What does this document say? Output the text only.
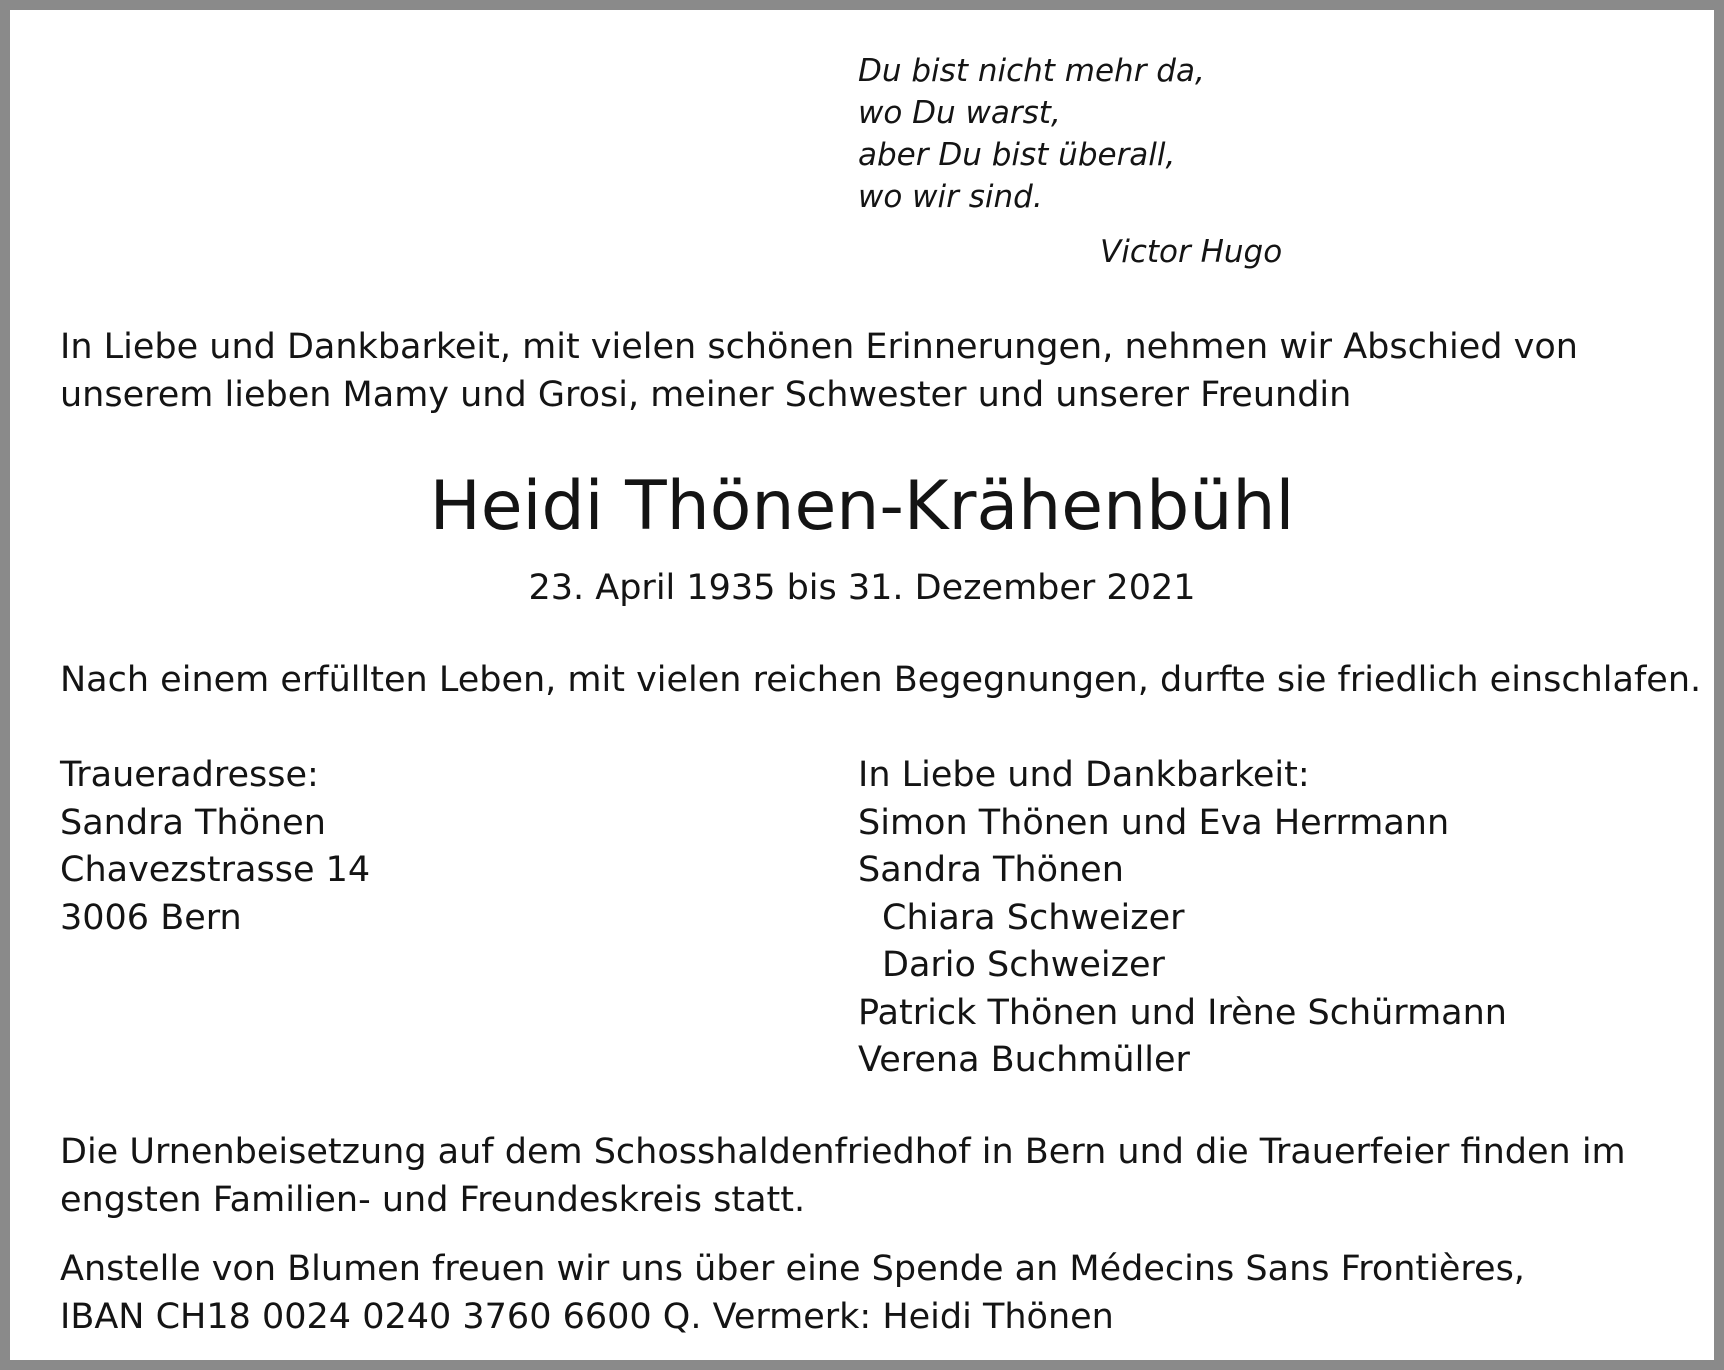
Du bist nicht mehr da,
wo Du warst,
aber Du bist überall,
wo wir sind.
Victor Hugo
In Liebe und Dankbarkeit, mit vielen schönen Erinnerungen, nehmen wir Abschied von
unserem lieben Mamy und Grosi, meiner Schwester und unserer Freundin
Heidi Thönen-Krähenbühl
23. April 1935 bis 31. Dezember 2021
Nach einem erfüllten Leben, mit vielen reichen Begegnungen, durfte sie friedlich einschlafen.
Traueradresse:
Sandra Thönen
Chavezstrasse 14
3006 Bern
In Liebe und Dankbarkeit:
Simon Thönen und Eva Herrmann
Sandra Thönen
Chiara Schweizer
Dario Schweizer
Patrick Thönen und Irène Schürmann
Verena Buchmüller
Die Urnenbeisetzung auf dem Schosshaldenfriedhof in Bern und die Trauerfeier finden im
engsten Familien- und Freundeskreis statt.
Anstelle von Blumen freuen wir uns über eine Spende an Médecins Sans Frontières,
IBAN CH18 0024 0240 3760 6600 Q. Vermerk: Heidi Thönen
